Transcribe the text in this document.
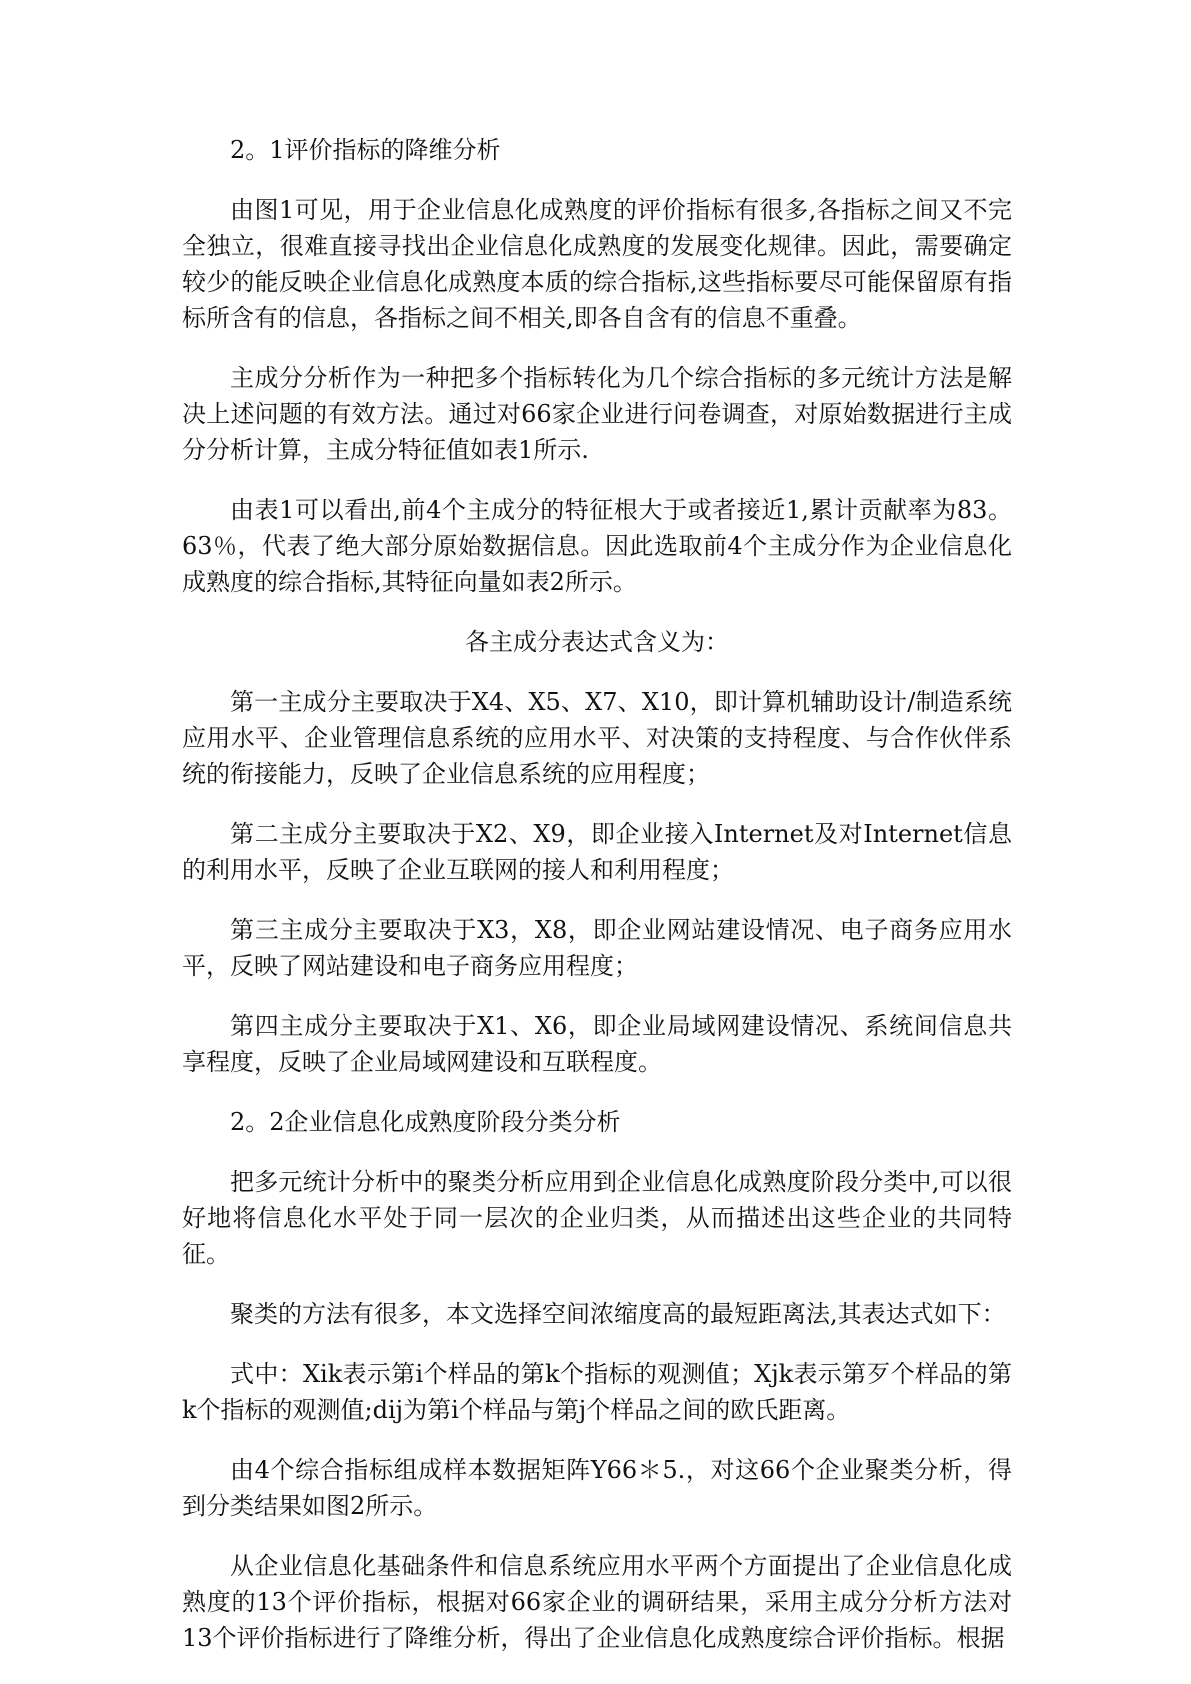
2。1评价指标的降维分析

由图1可见，用于企业信息化成熟度的评价指标有很多,各指标之间又不完全独立，很难直接寻找出企业信息化成熟度的发展变化规律。因此，需要确定较少的能反映企业信息化成熟度本质的综合指标,这些指标要尽可能保留原有指标所含有的信息，各指标之间不相关,即各自含有的信息不重叠。

主成分分析作为一种把多个指标转化为几个综合指标的多元统计方法是解决上述问题的有效方法。通过对66家企业进行问卷调查，对原始数据进行主成分分析计算，主成分特征值如表1所示.

由表1可以看出,前4个主成分的特征根大于或者接近1,累计贡献率为83。63％，代表了绝大部分原始数据信息。因此选取前4个主成分作为企业信息化成熟度的综合指标,其特征向量如表2所示。

各主成分表达式含义为：

第一主成分主要取决于X4、X5、X7、X10，即计算机辅助设计/制造系统应用水平、企业管理信息系统的应用水平、对决策的支持程度、与合作伙伴系统的衔接能力，反映了企业信息系统的应用程度；

第二主成分主要取决于X2、X9，即企业接入Internet及对Internet信息的利用水平，反映了企业互联网的接人和利用程度；

第三主成分主要取决于X3，X8，即企业网站建设情况、电子商务应用水平，反映了网站建设和电子商务应用程度；

第四主成分主要取决于X1、X6，即企业局域网建设情况、系统间信息共享程度，反映了企业局域网建设和互联程度。

2。2企业信息化成熟度阶段分类分析

把多元统计分析中的聚类分析应用到企业信息化成熟度阶段分类中,可以很好地将信息化水平处于同一层次的企业归类，从而描述出这些企业的共同特征。

聚类的方法有很多，本文选择空间浓缩度高的最短距离法,其表达式如下：

式中：Xik表示第i个样品的第k个指标的观测值；Xjk表示第歹个样品的第k个指标的观测值;dij为第i个样品与第j个样品之间的欧氏距离。

由4个综合指标组成样本数据矩阵Y66＊5.，对这66个企业聚类分析，得到分类结果如图2所示。

从企业信息化基础条件和信息系统应用水平两个方面提出了企业信息化成熟度的13个评价指标，根据对66家企业的调研结果，采用主成分分析方法对13个评价指标进行了降维分析，得出了企业信息化成熟度综合评价指标。根据
